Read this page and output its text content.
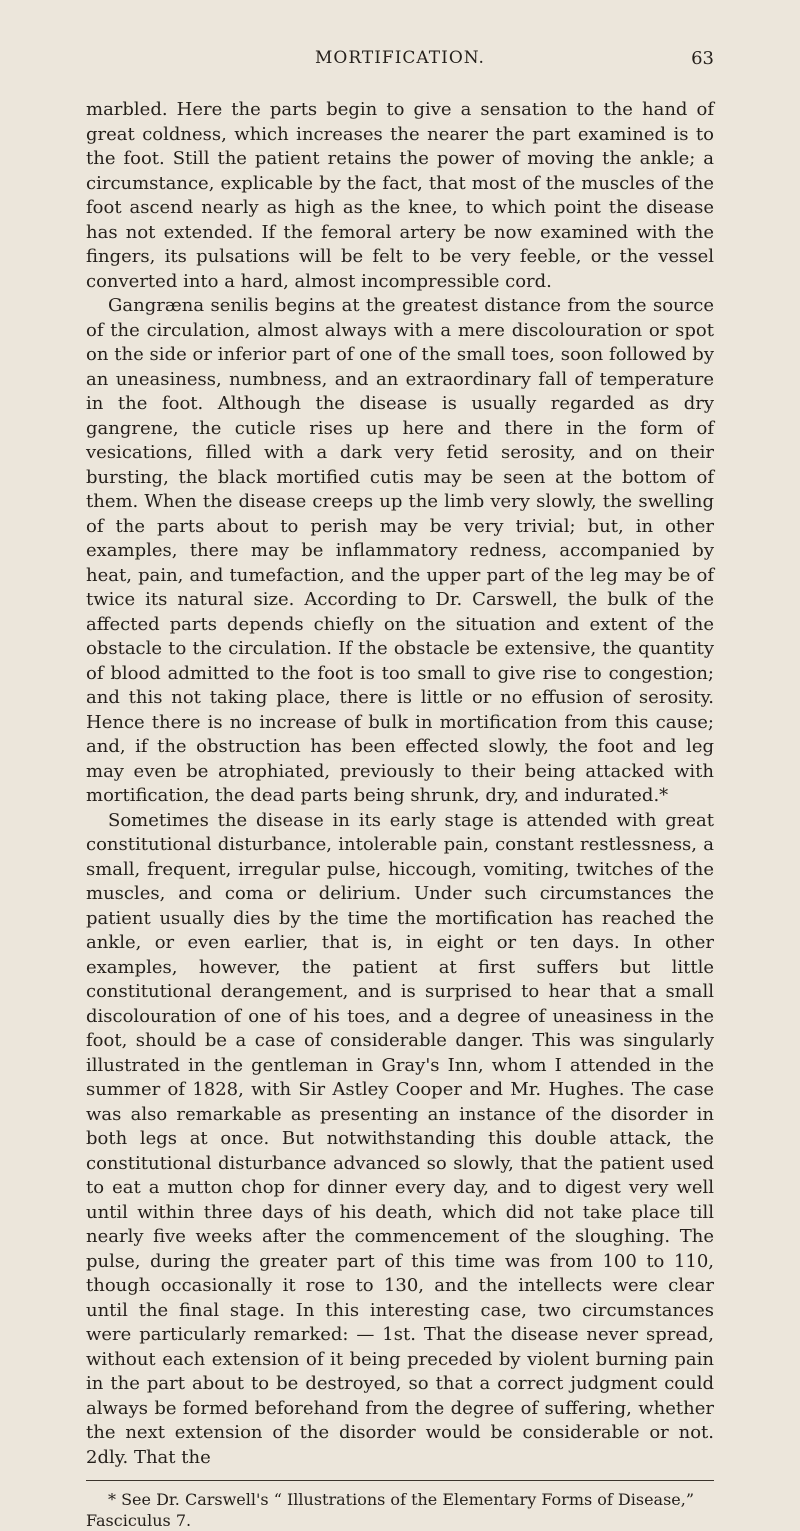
MORTIFICATION.	63

marbled. Here the parts begin to give a sensation to the hand of great coldness, which increases the nearer the part examined is to the foot. Still the patient retains the power of moving the ankle; a circumstance, explicable by the fact, that most of the muscles of the foot ascend nearly as high as the knee, to which point the disease has not extended. If the femoral artery be now examined with the fingers, its pulsations will be felt to be very feeble, or the vessel converted into a hard, almost incompressible cord.

Gangræna senilis begins at the greatest distance from the source of the circulation, almost always with a mere discolouration or spot on the side or inferior part of one of the small toes, soon followed by an uneasiness, numbness, and an extraordinary fall of temperature in the foot. Although the disease is usually regarded as dry gangrene, the cuticle rises up here and there in the form of vesications, filled with a dark very fetid serosity, and on their bursting, the black mortified cutis may be seen at the bottom of them. When the disease creeps up the limb very slowly, the swelling of the parts about to perish may be very trivial; but, in other examples, there may be inflammatory redness, accompanied by heat, pain, and tumefaction, and the upper part of the leg may be of twice its natural size. According to Dr. Carswell, the bulk of the affected parts depends chiefly on the situation and extent of the obstacle to the circulation. If the obstacle be extensive, the quantity of blood admitted to the foot is too small to give rise to congestion; and this not taking place, there is little or no effusion of serosity. Hence there is no increase of bulk in mortification from this cause; and, if the obstruction has been effected slowly, the foot and leg may even be atrophiated, previously to their being attacked with mortification, the dead parts being shrunk, dry, and indurated.*

Sometimes the disease in its early stage is attended with great constitutional disturbance, intolerable pain, constant restlessness, a small, frequent, irregular pulse, hiccough, vomiting, twitches of the muscles, and coma or delirium. Under such circumstances the patient usually dies by the time the mortification has reached the ankle, or even earlier, that is, in eight or ten days. In other examples, however, the patient at first suffers but little constitutional derangement, and is surprised to hear that a small discolouration of one of his toes, and a degree of uneasiness in the foot, should be a case of considerable danger. This was singularly illustrated in the gentleman in Gray's Inn, whom I attended in the summer of 1828, with Sir Astley Cooper and Mr. Hughes. The case was also remarkable as presenting an instance of the disorder in both legs at once. But notwithstanding this double attack, the constitutional disturbance advanced so slowly, that the patient used to eat a mutton chop for dinner every day, and to digest very well until within three days of his death, which did not take place till nearly five weeks after the commencement of the sloughing. The pulse, during the greater part of this time was from 100 to 110, though occasionally it rose to 130, and the intellects were clear until the final stage. In this interesting case, two circumstances were particularly remarked: — 1st. That the disease never spread, without each extension of it being preceded by violent burning pain in the part about to be destroyed, so that a correct judgment could always be formed beforehand from the degree of suffering, whether the next extension of the disorder would be considerable or not. 2dly. That the

* See Dr. Carswell's “ Illustrations of the Elementary Forms of Disease,” Fasciculus 7.
